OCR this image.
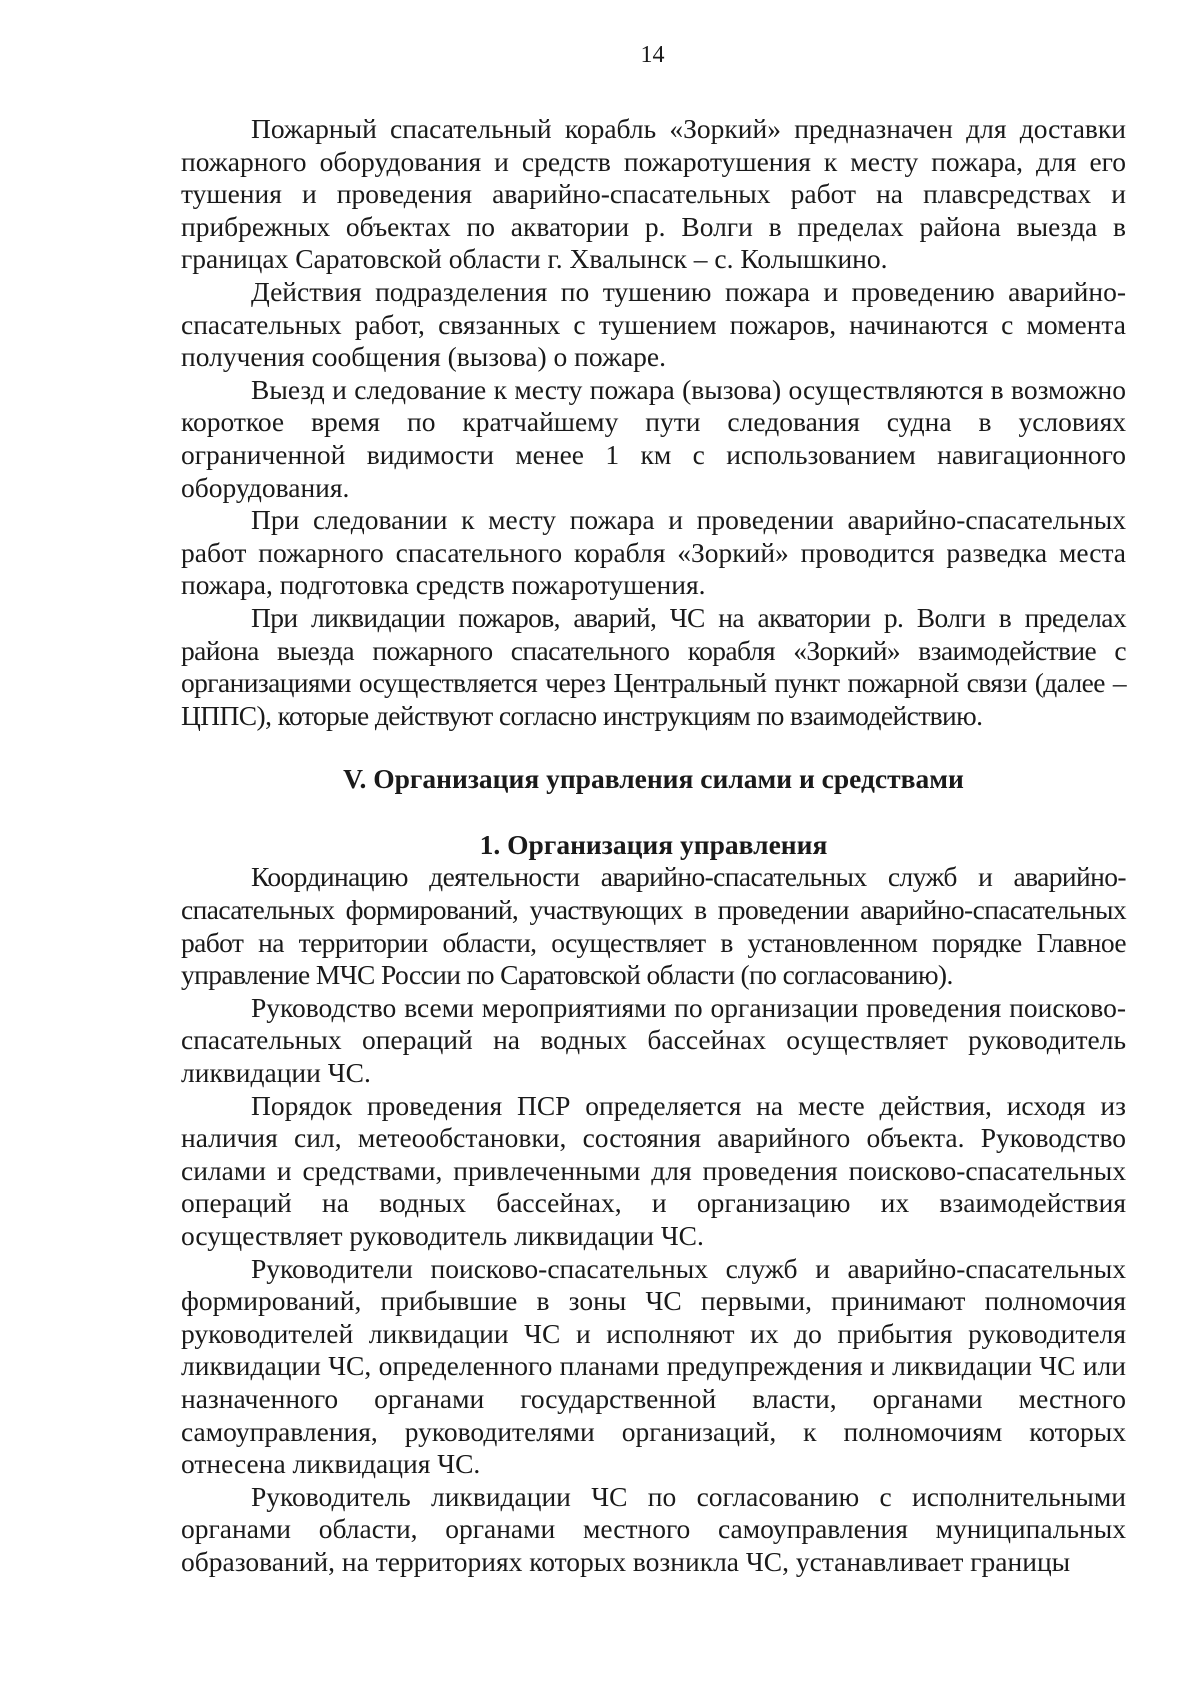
14

Пожарный спасательный корабль «Зоркий» предназначен для доставки пожарного оборудования и средств пожаротушения к месту пожара, для его тушения и проведения аварийно-спасательных работ на плавсредствах и прибрежных объектах по акватории р. Волги в пределах района выезда в границах Саратовской области г. Хвалынск – с. Колышкино.

Действия подразделения по тушению пожара и проведению аварийно-спасательных работ, связанных с тушением пожаров, начинаются с момента получения сообщения (вызова) о пожаре.

Выезд и следование к месту пожара (вызова) осуществляются в возможно короткое время по кратчайшему пути следования судна в условиях ограниченной видимости менее 1 км с использованием навигационного оборудования.

При следовании к месту пожара и проведении аварийно-спасательных работ пожарного спасательного корабля «Зоркий» проводится разведка места пожара, подготовка средств пожаротушения.

При ликвидации пожаров, аварий, ЧС на акватории р. Волги в пределах района выезда пожарного спасательного корабля «Зоркий» взаимодействие с организациями осуществляется через Центральный пункт пожарной связи (далее – ЦППС), которые действуют согласно инструкциям по взаимодействию.

V. Организация управления силами и средствами
1. Организация управления

Координацию деятельности аварийно-спасательных служб и аварийно-спасательных формирований, участвующих в проведении аварийно-спасательных работ на территории области, осуществляет в установленном порядке Главное управление МЧС России по Саратовской области (по согласованию).

Руководство всеми мероприятиями по организации проведения поисково-спасательных операций на водных бассейнах осуществляет руководитель ликвидации ЧС.

Порядок проведения ПСР определяется на месте действия, исходя из наличия сил, метеообстановки, состояния аварийного объекта. Руководство силами и средствами, привлеченными для проведения поисково-спасательных операций на водных бассейнах, и организацию их взаимодействия осуществляет руководитель ликвидации ЧС.

Руководители поисково-спасательных служб и аварийно-спасательных формирований, прибывшие в зоны ЧС первыми, принимают полномочия руководителей ликвидации ЧС и исполняют их до прибытия руководителя ликвидации ЧС, определенного планами предупреждения и ликвидации ЧС или назначенного органами государственной власти, органами местного самоуправления, руководителями организаций, к полномочиям которых отнесена ликвидация ЧС.

Руководитель ликвидации ЧС по согласованию с исполнительными органами области, органами местного самоуправления муниципальных образований, на территориях которых возникла ЧС, устанавливает границы
